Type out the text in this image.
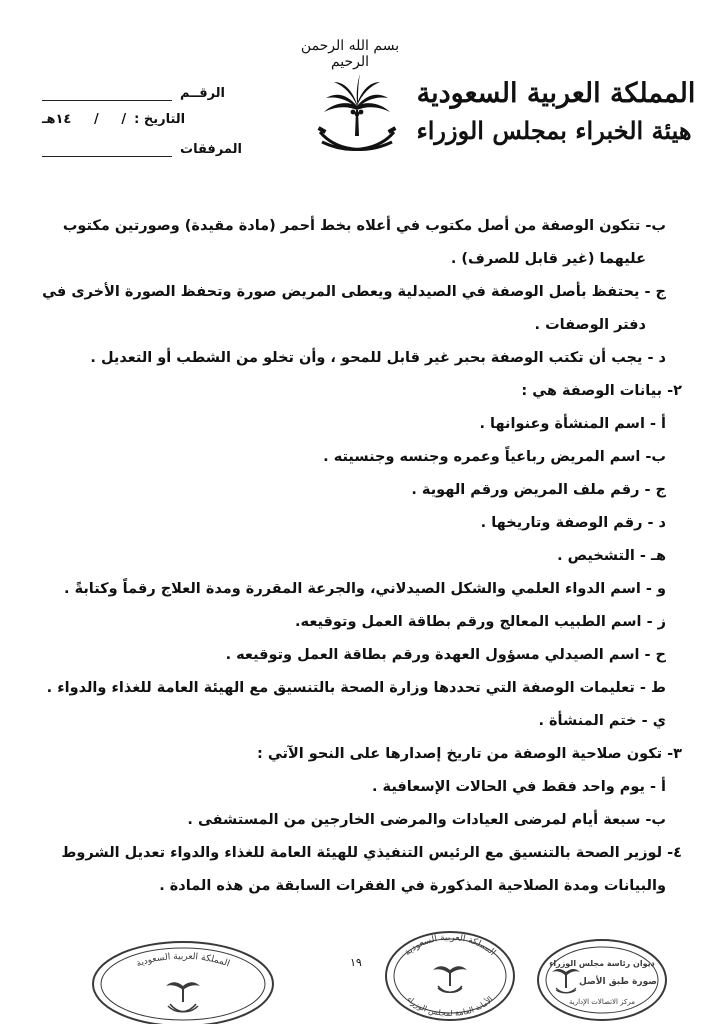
بسم الله الرحمن الرحيم
المملكة العربية السعودية
هيئة الخبراء بمجلس الوزراء
الرقــم
التاريخ :
/     /     ١٤هـ
المرفقات

ب- تتكون الوصفة من أصل مكتوب في أعلاه بخط أحمر (مادة مقيدة) وصورتين مكتوب

عليهما (غير قابل للصرف) .

ج - يحتفظ بأصل الوصفة في الصيدلية ويعطى المريض صورة وتحفظ الصورة الأخرى في

دفتر الوصفات .

د - يجب أن تكتب الوصفة بحبر غير قابل للمحو ، وأن تخلو من الشطب أو التعديل .

٢- بيانات الوصفة هي :

أ - اسم المنشأة وعنوانها .

ب- اسم المريض رباعياً وعمره وجنسه وجنسيته .

ج - رقم ملف المريض ورقم الهوية .

د - رقم الوصفة وتاريخها .

هـ - التشخيص .

و - اسم الدواء العلمي والشكل الصيدلاني، والجرعة المقررة ومدة العلاج رقماً وكتابةً .

ز - اسم الطبيب المعالج ورقم بطاقة العمل وتوقيعه.

ح - اسم الصيدلي مسؤول العهدة ورقم بطاقة العمل وتوقيعه .

ط - تعليمات الوصفة التي تحددها وزارة الصحة بالتنسيق مع الهيئة العامة للغذاء والدواء .

ي - ختم المنشأة .

٣- تكون صلاحية الوصفة من تاريخ إصدارها على النحو الآتي :

أ - يوم واحد فقط في الحالات الإسعافية .

ب- سبعة أيام لمرضى العيادات والمرضى الخارجين من المستشفى .

٤- لوزير الصحة بالتنسيق مع الرئيس التنفيذي للهيئة العامة للغذاء والدواء تعديل الشروط

والبيانات ومدة الصلاحية المذكورة في الفقرات السابقة من هذه المادة .

١٩
المملكة العربية السعودية
المملكة العربية السعودية
الأمانة العامة لمجلس الوزراء
ديوان رئاسة مجلس الوزراء
صورة طبق الأصل
مركز الاتصالات الإدارية
